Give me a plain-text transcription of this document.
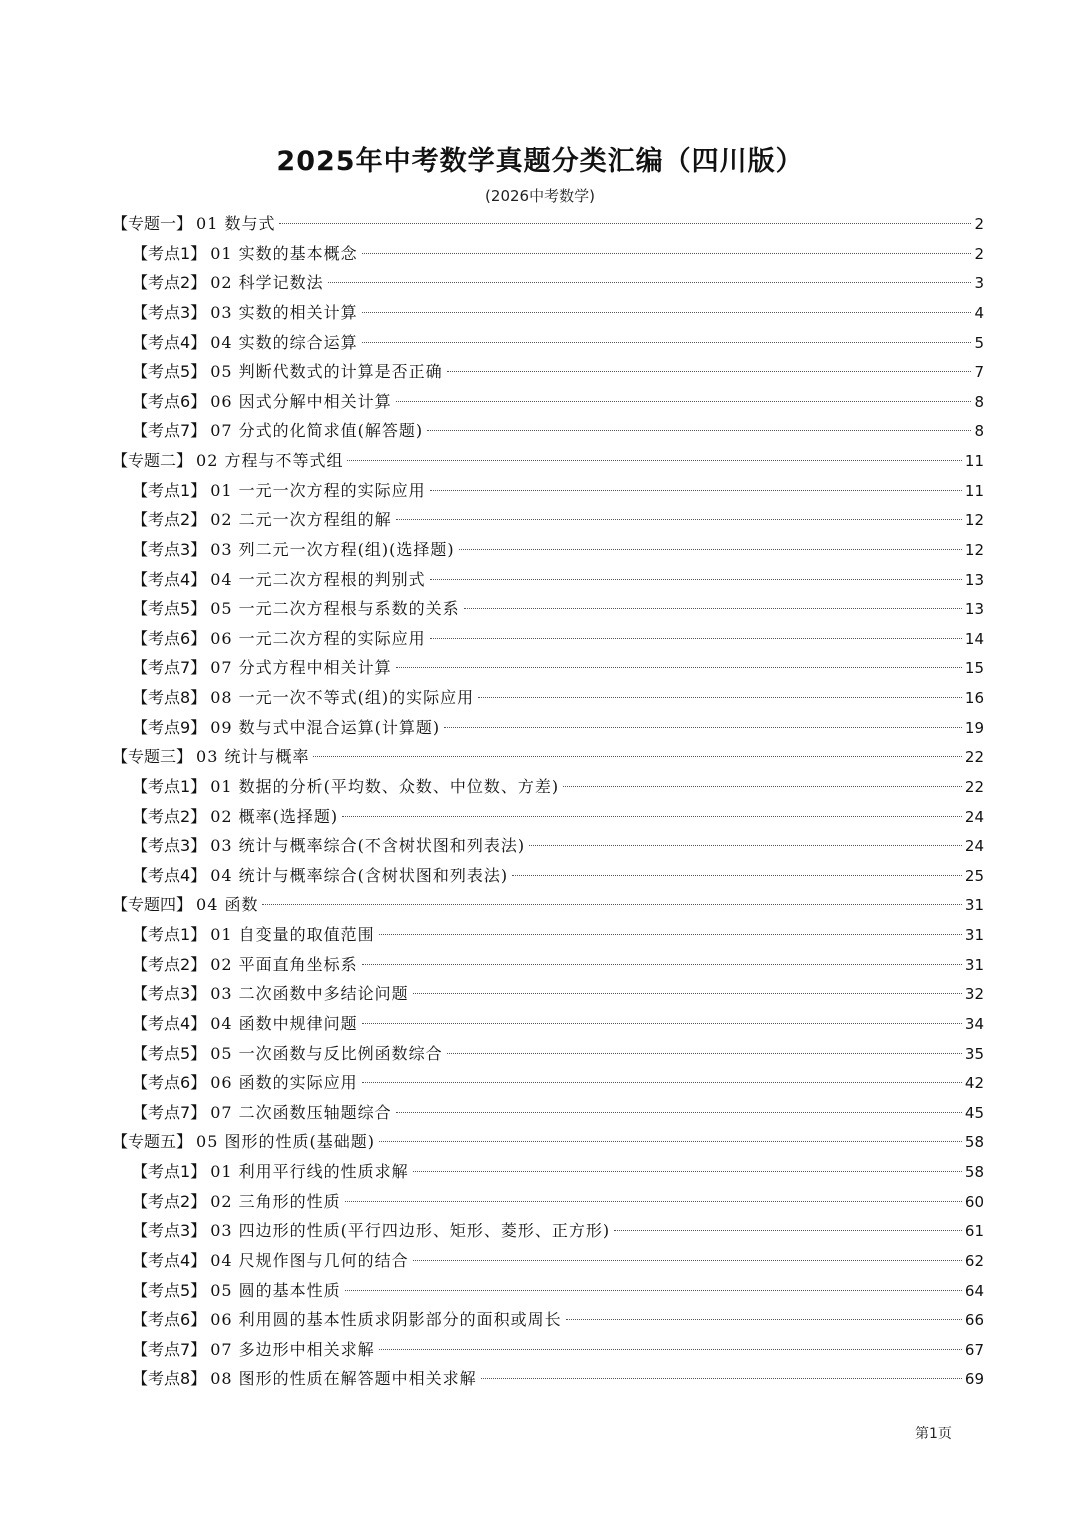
2025年中考数学真题分类汇编（四川版）
(2026中考数学)
【专题一】 01 数与式	2
【考点1】 01 实数的基本概念	2
【考点2】 02 科学记数法	3
【考点3】 03 实数的相关计算	4
【考点4】 04 实数的综合运算	5
【考点5】 05 判断代数式的计算是否正确	7
【考点6】 06 因式分解中相关计算	8
【考点7】 07 分式的化简求值(解答题)	8
【专题二】 02 方程与不等式组	11
【考点1】 01 一元一次方程的实际应用	11
【考点2】 02 二元一次方程组的解	12
【考点3】 03 列二元一次方程(组)(选择题)	12
【考点4】 04 一元二次方程根的判别式	13
【考点5】 05 一元二次方程根与系数的关系	13
【考点6】 06 一元二次方程的实际应用	14
【考点7】 07 分式方程中相关计算	15
【考点8】 08 一元一次不等式(组)的实际应用	16
【考点9】 09 数与式中混合运算(计算题)	19
【专题三】 03 统计与概率	22
【考点1】 01 数据的分析(平均数、众数、中位数、方差)	22
【考点2】 02 概率(选择题)	24
【考点3】 03 统计与概率综合(不含树状图和列表法)	24
【考点4】 04 统计与概率综合(含树状图和列表法)	25
【专题四】 04 函数	31
【考点1】 01 自变量的取值范围	31
【考点2】 02 平面直角坐标系	31
【考点3】 03 二次函数中多结论问题	32
【考点4】 04 函数中规律问题	34
【考点5】 05 一次函数与反比例函数综合	35
【考点6】 06 函数的实际应用	42
【考点7】 07 二次函数压轴题综合	45
【专题五】 05 图形的性质(基础题)	58
【考点1】 01 利用平行线的性质求解	58
【考点2】 02 三角形的性质	60
【考点3】 03 四边形的性质(平行四边形、矩形、菱形、正方形)	61
【考点4】 04 尺规作图与几何的结合	62
【考点5】 05 圆的基本性质	64
【考点6】 06 利用圆的基本性质求阴影部分的面积或周长	66
【考点7】 07 多边形中相关求解	67
【考点8】 08 图形的性质在解答题中相关求解	69
第1页
